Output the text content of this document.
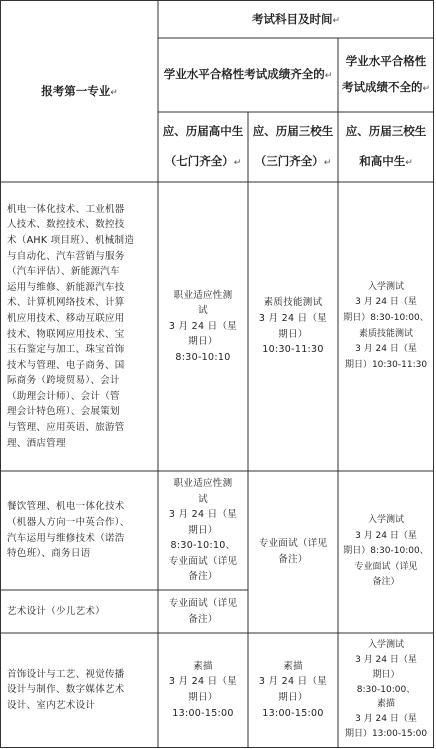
考试科目及时间↵
报考第一专业↵
学业水平合格性考试成绩齐全的↵
学业水平合格性
考试成绩不全的↵
应、历届高中生
（七门齐全）↵
应、历届三校生
（三门齐全）↵
应、历届三校生
和高中生↵
机电一体化技术、工业机器
人技术、数控技术、数控技
术（AHK 项目班）、机械制造
与自动化、汽车营销与服务
（汽车评估）、新能源汽车
运用与维修、新能源汽车技
术、计算机网络技术、计算
机应用技术、移动互联应用
技术、物联网应用技术、宝
玉石鉴定与加工、珠宝首饰
技术与管理、电子商务、国
际商务（跨境贸易）、会计
（助理会计师）、会计（管
理会计特色班）、会展策划
与管理、应用英语、旅游管
理、酒店管理
职业适应性测
试
3 月 24 日（星
期日）
8:30-10:10
素质技能测试
3 月 24 日（星
期日）
10:30-11:30
入学测试
3 月 24 日（星
期日）8:30-10:00、
素质技能测试
3 月 24 日（星
期日）10:30-11:30
餐饮管理、机电一体化技术
（机器人方向一中英合作）、
汽车运用与维修技术（诺浩
特色班）、商务日语
职业适应性测
试
3 月 24 日（星
期日）
8:30-10:10、
专业面试（详见
备注）
专业面试（详见
备注）
入学测试
3 月 24 日（星
期日）8:30-10:00、
专业面试（详见
备注）
艺术设计（少儿艺术）
专业面试（详见
备注）
首饰设计与工艺、视觉传播
设计与制作、数字媒体艺术
设计、室内艺术设计
素描
3 月 24 日（星
期日）
13:00-15:00
素描
3 月 24 日（星
期日）
13:00-15:00
入学测试
3 月 24 日（星
期日）
8:30-10:00、
素描
3 月 24 日（星
期日）13:00-15:00
